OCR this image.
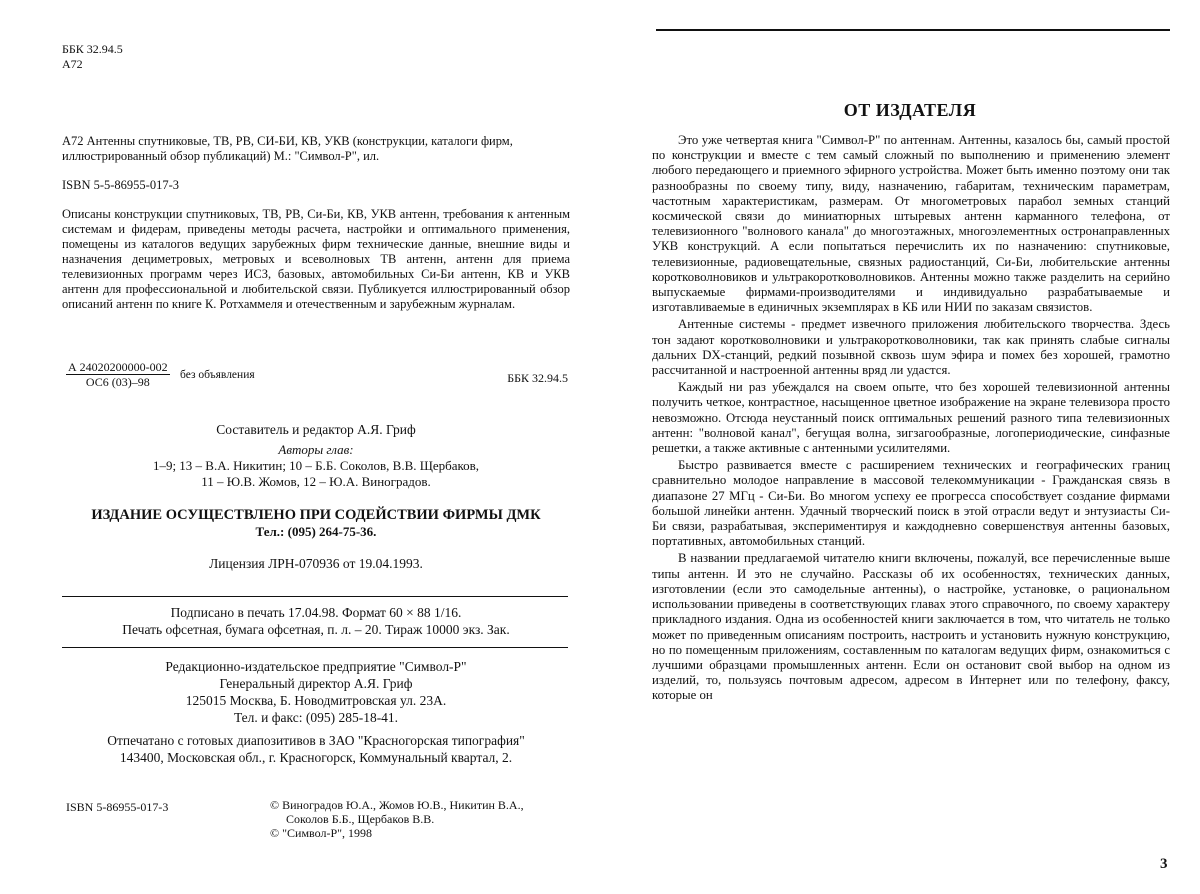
ББК 32.94.5
А72

А72 Антенны спутниковые, ТВ, РВ, СИ-БИ, КВ, УКВ (конструкции, каталоги фирм, иллюстрированный обзор публикаций) М.: "Символ-Р", ил.

ISBN 5-5-86955-017-3

Описаны конструкции спутниковых, ТВ, РВ, Си-Би, КВ, УКВ антенн, требования к антенным системам и фидерам, приведены методы расчета, настройки и оптимального применения, помещены из каталогов ведущих зарубежных фирм технические данные, внешние виды и назначения дециметровых, метровых и всеволновых ТВ антенн, антенн для приема телевизионных программ через ИСЗ, базовых, автомобильных Си-Би антенн, КВ и УКВ антенн для профессиональной и любительской связи. Публикуется иллюстрированный обзор описаний антенн по книге К. Ротхаммеля и отечественным и зарубежным журналам.

А 24020200000-002
ОС6 (03)–98	без объявления	ББК 32.94.5
Составитель и редактор А.Я. Гриф
Авторы глав:
1–9; 13 – В.А. Никитин; 10 – Б.Б. Соколов, В.В. Щербаков,
11 – Ю.В. Жомов, 12 – Ю.А. Виноградов.
ИЗДАНИЕ ОСУЩЕСТВЛЕНО ПРИ СОДЕЙСТВИИ ФИРМЫ ДМК
Тел.: (095) 264-75-36.
Лицензия ЛРН-070936 от 19.04.1993.
Подписано в печать 17.04.98. Формат 60 × 88 1/16.
Печать офсетная, бумага офсетная, п. л. – 20. Тираж 10000 экз. Зак.
Редакционно-издательское предприятие "Символ-Р"
Генеральный директор А.Я. Гриф
125015 Москва, Б. Новодмитровская ул. 23А.
Тел. и факс: (095) 285-18-41.
Отпечатано с готовых диапозитивов в ЗАО "Красногорская типография"
143400, Московская обл., г. Красногорск, Коммунальный квартал, 2.
ISBN 5-86955-017-3	© Виноградов Ю.А., Жомов Ю.В., Никитин В.А.,
Соколов Б.Б., Щербаков В.В.
© "Символ-Р", 1998
ОТ ИЗДАТЕЛЯ

Это уже четвертая книга "Символ-Р" по антеннам. Антенны, казалось бы, самый простой по конструкции и вместе с тем самый сложный по выполнению и применению элемент любого передающего и приемного эфирного устройства. Может быть именно поэтому они так разнообразны по своему типу, виду, назначению, габаритам, техническим параметрам, частотным характеристикам, размерам. От многометровых парабол земных станций космической связи до миниатюрных штыревых антенн карманного телефона, от телевизионного "волнового канала" до многоэтажных, многоэлементных остронаправленных УКВ конструкций. А если попытаться перечислить их по назначению: спутниковые, телевизионные, радиовещательные, связных радиостанций, Си-Би, любительские антенны коротковолновиков и ультракоротковолновиков. Антенны можно также разделить на серийно выпускаемые фирмами-производителями и индивидуально разрабатываемые и изготавливаемые в единичных экземплярах в КБ или НИИ по заказам связистов.

Антенные системы - предмет извечного приложения любительского творчества. Здесь тон задают коротковолновики и ультракоротковолновики, так как принять слабые сигналы дальних DX-станций, редкий позывной сквозь шум эфира и помех без хорошей, грамотно рассчитанной и настроенной антенны вряд ли удастся.

Каждый ни раз убеждался на своем опыте, что без хорошей телевизионной антенны получить четкое, контрастное, насыщенное цветное изображение на экране телевизора просто невозможно. Отсюда неустанный поиск оптимальных решений разного типа телевизионных антенн: "волновой канал", бегущая волна, зигзагообразные, логопериодические, синфазные решетки, а также активные с антенными усилителями.

Быстро развивается вместе с расширением технических и географических границ сравнительно молодое направление в массовой телекоммуникации - Гражданская связь в диапазоне 27 МГц - Си-Би. Во многом успеху ее прогресса способствует создание фирмами большой линейки антенн. Удачный творческий поиск в этой отрасли ведут и энтузиасты Си-Би связи, разрабатывая, экспериментируя и каждодневно совершенствуя антенны базовых, портативных, автомобильных станций.

В названии предлагаемой читателю книги включены, пожалуй, все перечисленные выше типы антенн. И это не случайно. Рассказы об их особенностях, технических данных, изготовлении (если это самодельные антенны), о настройке, установке, о рациональном использовании приведены в соответствующих главах этого справочного, по своему характеру прикладного издания. Одна из особенностей книги заключается в том, что читатель не только может по приведенным описаниям построить, настроить и установить нужную конструкцию, но по помещенным приложениям, составленным по каталогам ведущих фирм, ознакомиться с лучшими образцами промышленных антенн. Если он остановит свой выбор на одном из изделий, то, пользуясь почтовым адресом, адресом в Интернет или по телефону, факсу, которые он

3
